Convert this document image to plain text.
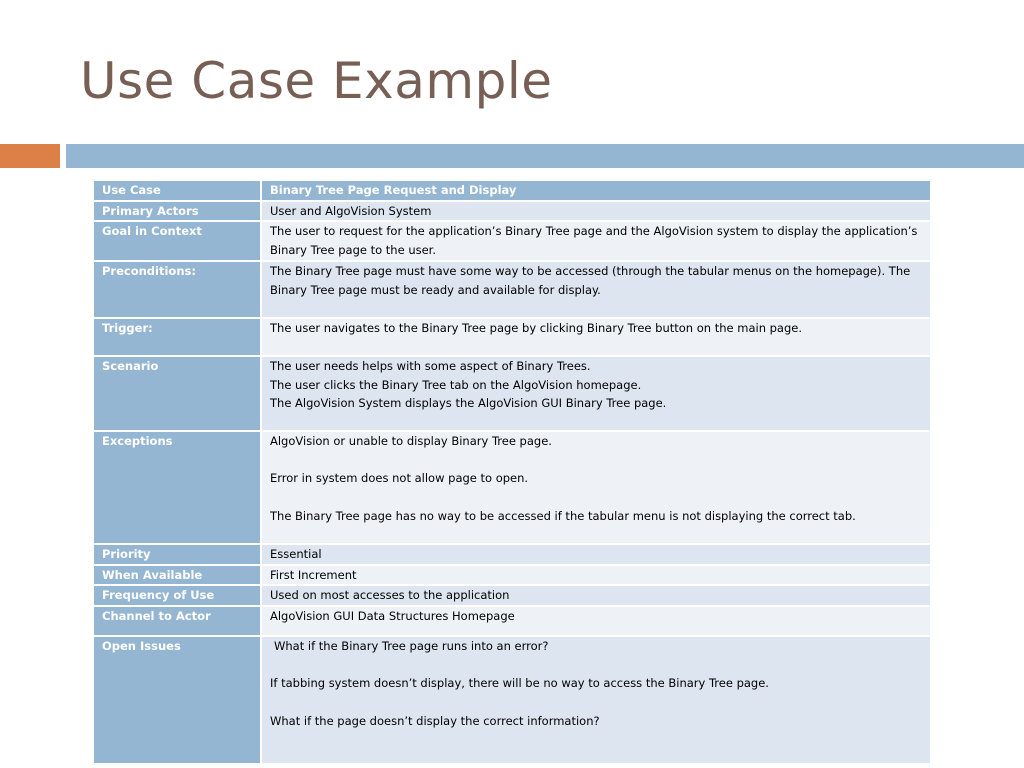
Use Case Example
Use Case	Binary Tree Page Request and Display
Primary Actors	User and AlgoVision System

Goal in Context	The user to request for the application’s Binary Tree page and the AlgoVision system to display the application’s Binary Tree page to the user.

Preconditions:	The Binary Tree page must have some way to be accessed (through the tabular menus on the homepage). The Binary Tree page must be ready and available for display.

Trigger:	The user navigates to the Binary Tree page by clicking Binary Tree button on the main page.

Scenario	The user needs helps with some aspect of Binary Trees.
The user clicks the Binary Tree tab on the AlgoVision homepage.
The AlgoVision System displays the AlgoVision GUI Binary Tree page.

Exceptions	AlgoVision or unable to display Binary Tree page.
Error in system does not allow page to open.
The Binary Tree page has no way to be accessed if the tabular menu is not displaying the correct tab.

Priority	Essential

When Available	First Increment

Frequency of Use	Used on most accesses to the application

Channel to Actor	AlgoVision GUI Data Structures Homepage

Open Issues	What if the Binary Tree page runs into an error?
If tabbing system doesn’t display, there will be no way to access the Binary Tree page.
What if the page doesn’t display the correct information?
